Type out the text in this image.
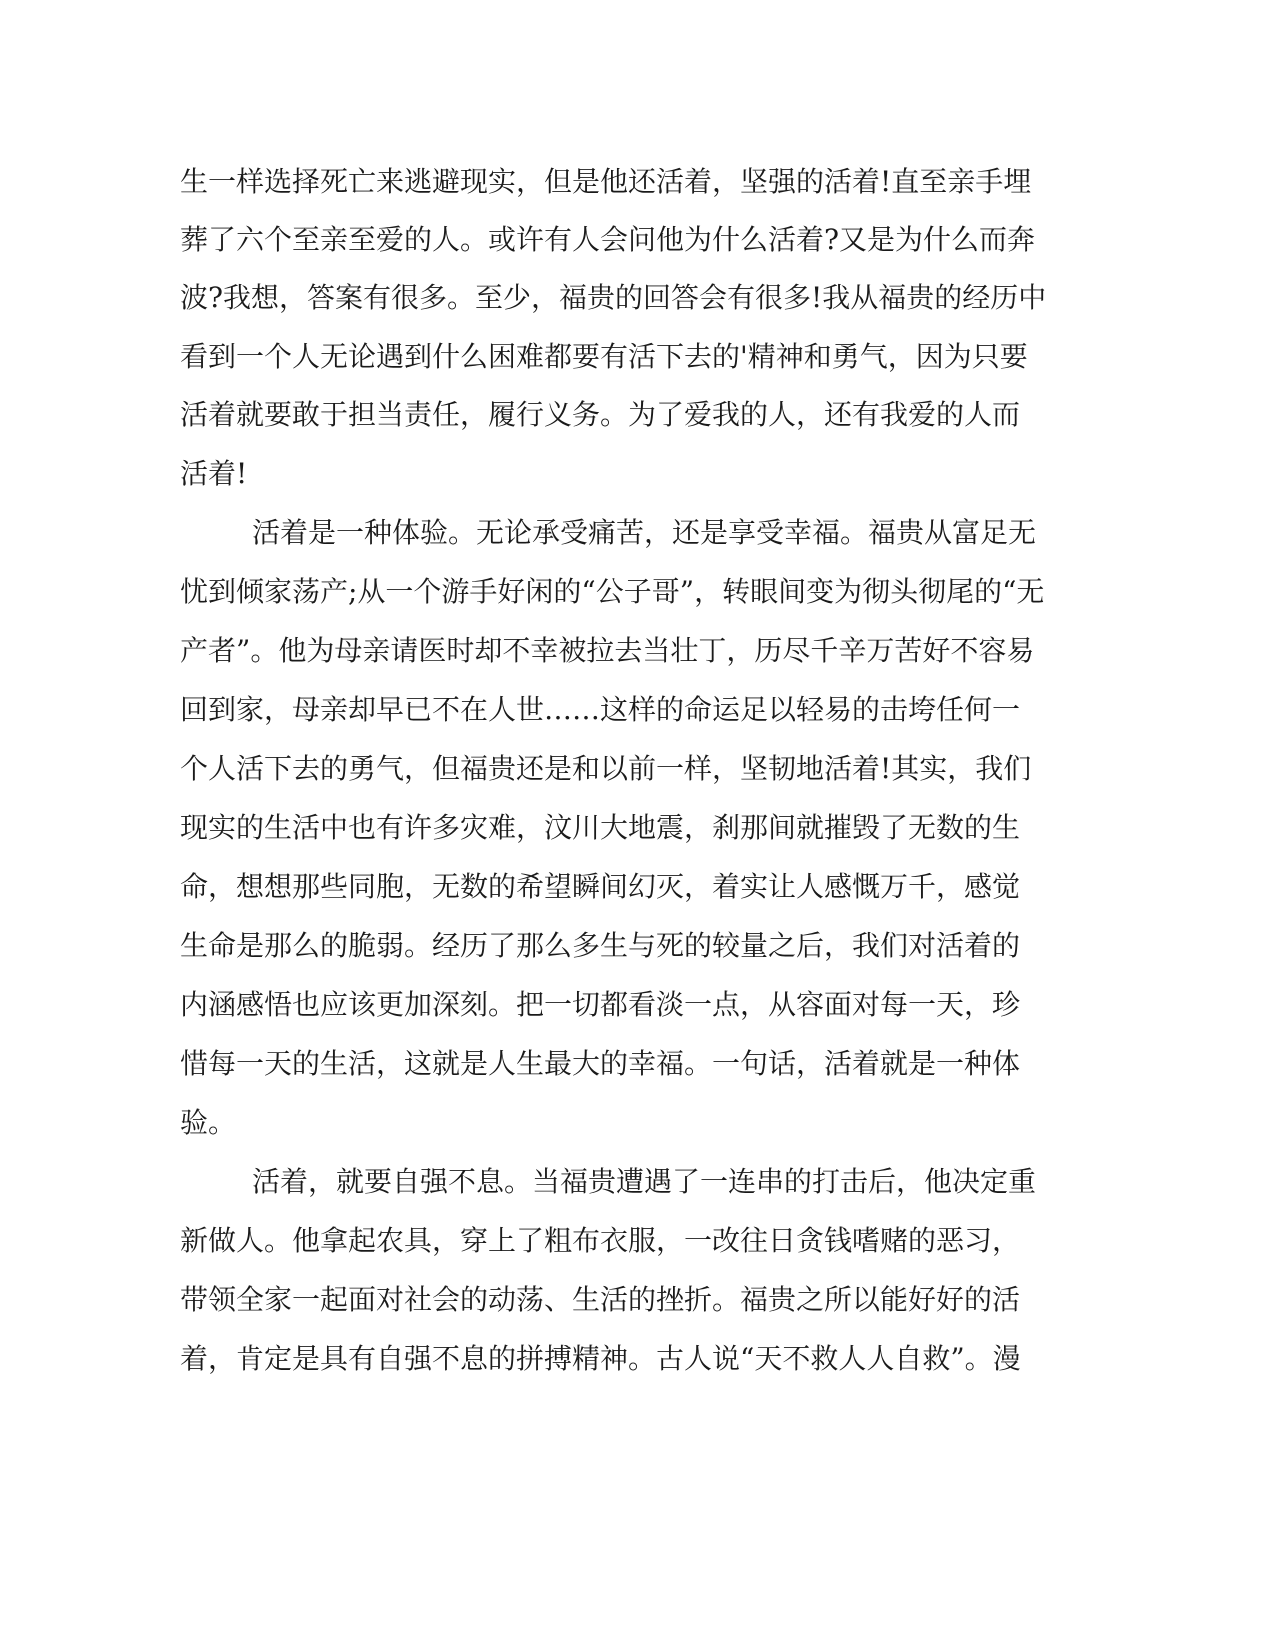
生一样选择死亡来逃避现实，但是他还活着，坚强的活着!直至亲手埋

葬了六个至亲至爱的人。或许有人会问他为什么活着?又是为什么而奔

波?我想，答案有很多。至少，福贵的回答会有很多!我从福贵的经历中

看到一个人无论遇到什么困难都要有活下去的'精神和勇气，因为只要

活着就要敢于担当责任，履行义务。为了爱我的人，还有我爱的人而

活着!

活着是一种体验。无论承受痛苦，还是享受幸福。福贵从富足无

忧到倾家荡产;从一个游手好闲的“公子哥”，转眼间变为彻头彻尾的“无

产者”。他为母亲请医时却不幸被拉去当壮丁，历尽千辛万苦好不容易

回到家，母亲却早已不在人世……这样的命运足以轻易的击垮任何一

个人活下去的勇气，但福贵还是和以前一样，坚韧地活着!其实，我们

现实的生活中也有许多灾难，汶川大地震，刹那间就摧毁了无数的生

命，想想那些同胞，无数的希望瞬间幻灭，着实让人感慨万千，感觉

生命是那么的脆弱。经历了那么多生与死的较量之后，我们对活着的

内涵感悟也应该更加深刻。把一切都看淡一点，从容面对每一天，珍

惜每一天的生活，这就是人生最大的幸福。一句话，活着就是一种体

验。

活着，就要自强不息。当福贵遭遇了一连串的打击后，他决定重

新做人。他拿起农具，穿上了粗布衣服，一改往日贪钱嗜赌的恶习，

带领全家一起面对社会的动荡、生活的挫折。福贵之所以能好好的活

着，肯定是具有自强不息的拼搏精神。古人说“天不救人人自救”。漫
